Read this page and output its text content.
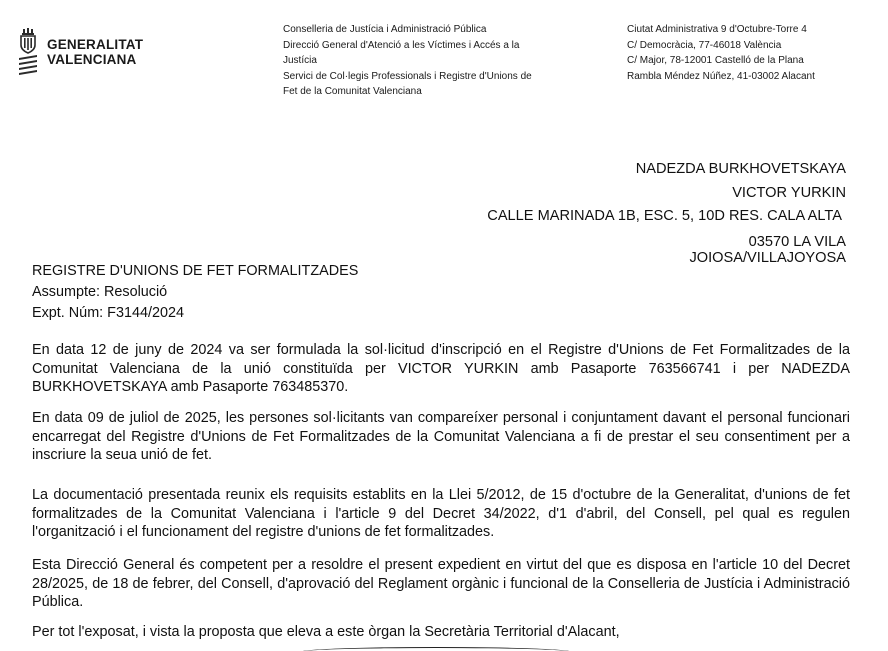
GENERALITAT
VALENCIANA
Conselleria de Justícia i Administració Pública
Direcció General d'Atenció a les Víctimes i Accés a la
Justícia
Servici de Col·legis Professionals i Registre d'Unions de
Fet de la Comunitat Valenciana
Ciutat Administrativa 9 d'Octubre-Torre 4
C/ Democràcia, 77-46018 València
C/ Major, 78-12001 Castelló de la Plana
Rambla Méndez Núñez, 41-03002 Alacant
NADEZDA BURKHOVETSKAYA
VICTOR YURKIN
CALLE MARINADA 1B, ESC. 5, 10D RES. CALA ALTA
03570 LA VILA
JOIOSA/VILLAJOYOSA
REGISTRE D'UNIONS DE FET FORMALITZADES
Assumpte: Resolució
Expt. Núm: F3144/2024
En data 12 de juny de 2024 va ser formulada la sol·licitud d'inscripció en el Registre d'Unions de Fet Formalitzades de la Comunitat Valenciana de la unió constituïda per VICTOR YURKIN amb Pasaporte 763566741 i per NADEZDA BURKHOVETSKAYA amb Pasaporte 763485370.
En data 09 de juliol de 2025, les persones sol·licitants van compareíxer personal i conjuntament davant el personal funcionari encarregat del Registre d'Unions de Fet Formalitzades de la Comunitat Valenciana a fi de prestar el seu consentiment per a inscriure la seua unió de fet.
La documentació presentada reunix els requisits establits en la Llei 5/2012, de 15 d'octubre de la Generalitat, d'unions de fet formalitzades de la Comunitat Valenciana i l'article 9 del Decret 34/2022, d'1 d'abril, del Consell, pel qual es regulen l'organització i el funcionament del registre d'unions de fet formalitzades.
Esta Direcció General és competent per a resoldre el present expedient en virtut del que es disposa en l'article 10 del Decret 28/2025, de 18 de febrer, del Consell, d'aprovació del Reglament orgànic i funcional de la Conselleria de Justícia i Administració Pública.
Per tot l'exposat, i vista la proposta que eleva a este òrgan la Secretària Territorial d'Alacant,
